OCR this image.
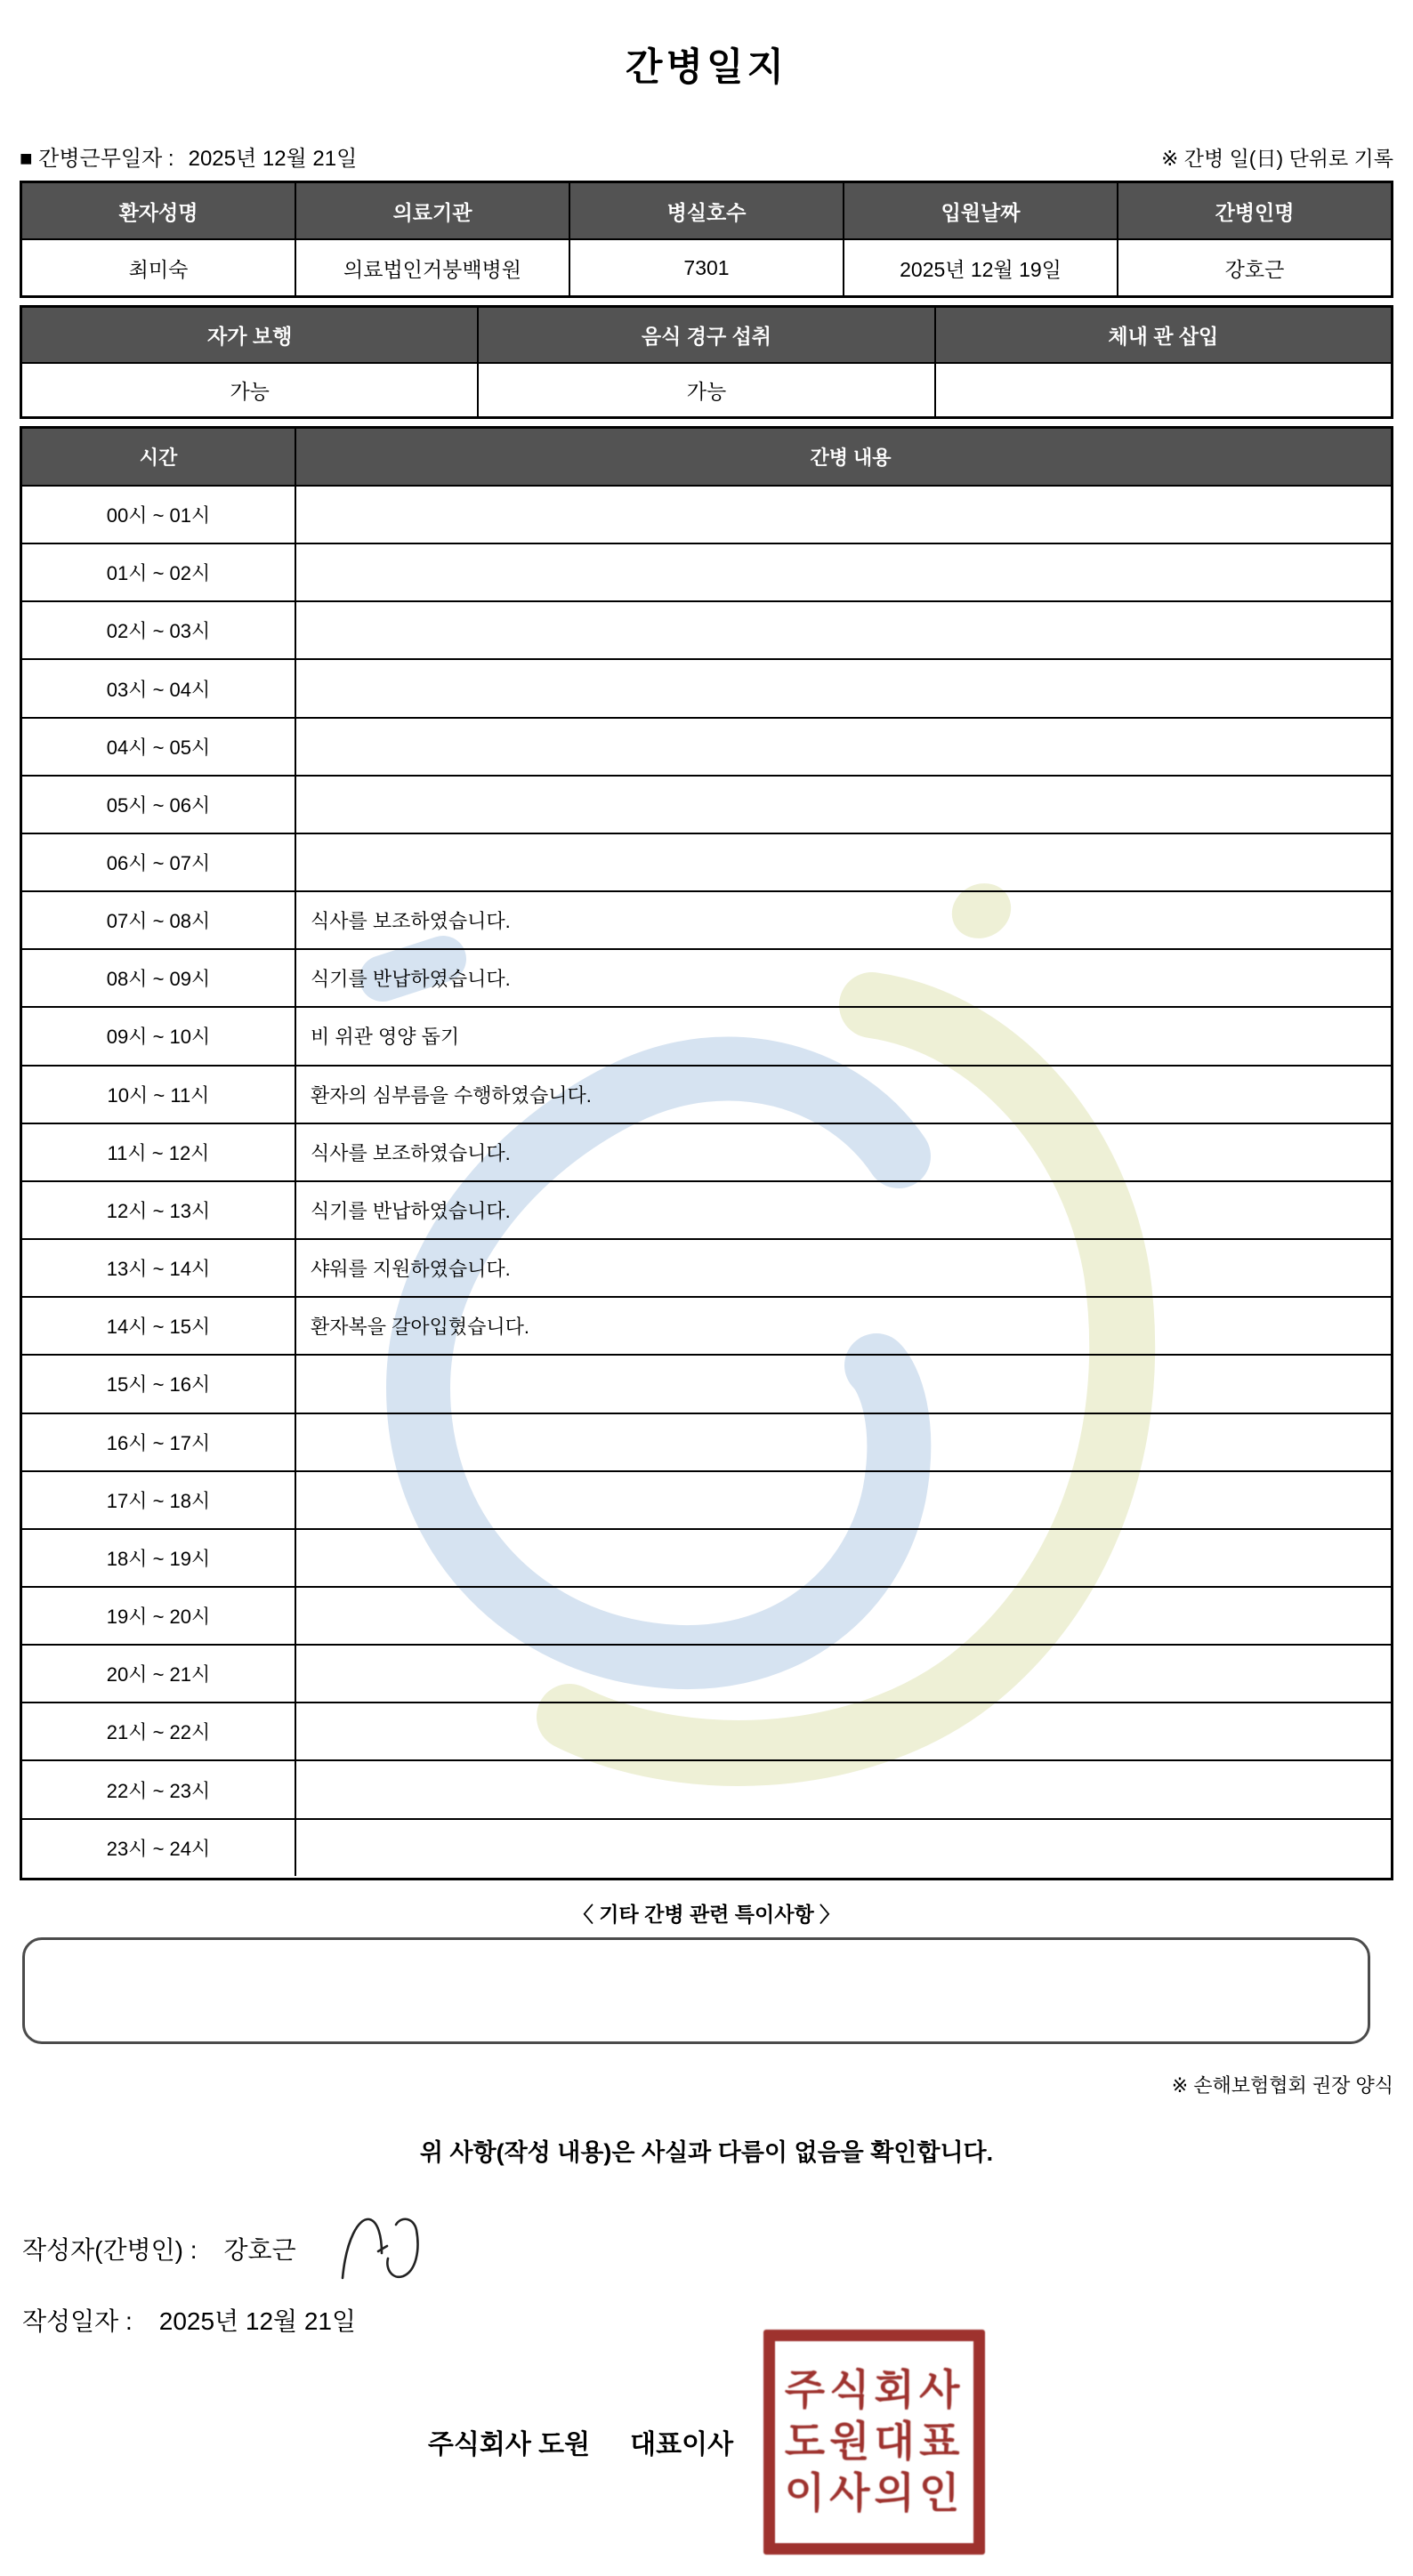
간병일지
■ 간병근무일자 : 2025년 12월 21일	※ 간병 일(日) 단위로 기록
환자성명	의료기관	병실호수	입원날짜	간병인명
최미숙	의료법인거붕백병원	7301	2025년 12월 19일	강호근
자가 보행	음식 경구 섭취	체내 관 삽입
가능	가능
시간	간병 내용
00시 ~ 01시
01시 ~ 02시
02시 ~ 03시
03시 ~ 04시
04시 ~ 05시
05시 ~ 06시
06시 ~ 07시
07시 ~ 08시	식사를 보조하였습니다.
08시 ~ 09시	식기를 반납하였습니다.
09시 ~ 10시	비 위관 영양 돕기
10시 ~ 11시	환자의 심부름을 수행하였습니다.
11시 ~ 12시	식사를 보조하였습니다.
12시 ~ 13시	식기를 반납하였습니다.
13시 ~ 14시	샤워를 지원하였습니다.
14시 ~ 15시	환자복을 갈아입혔습니다.
15시 ~ 16시
16시 ~ 17시
17시 ~ 18시
18시 ~ 19시
19시 ~ 20시
20시 ~ 21시
21시 ~ 22시
22시 ~ 23시
23시 ~ 24시
〈 기타 간병 관련 특이사항 〉
※ 손해보험협회 권장 양식
위 사항(작성 내용)은 사실과 다름이 없음을 확인합니다.
작성자(간병인) : 강호근
작성일자 : 2025년 12월 21일
주식회사 도원 대표이사
주식회사
도원대표
이사의인
